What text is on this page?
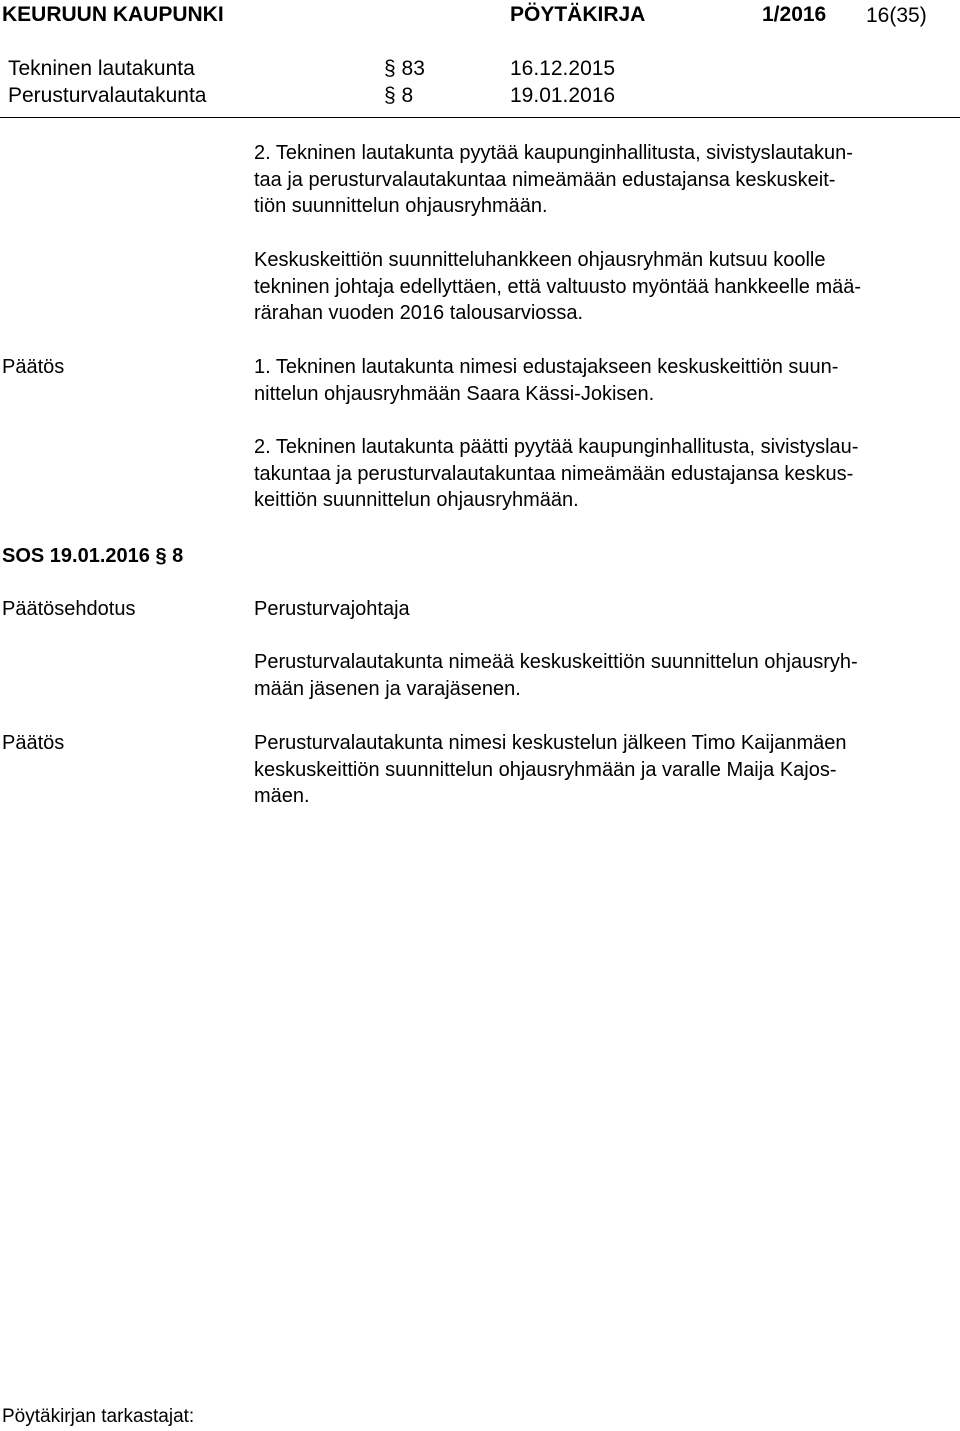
KEURUUN KAUPUNKI	PÖYTÄKIRJA	1/2016 16(35)
Tekninen lautakunta	§ 83	16.12.2015
Perusturvalautakunta	§ 8	19.01.2016

2. Tekninen lautakunta pyytää kaupunginhallitusta, sivistyslautakun-

taa ja perusturvalautakuntaa nimeämään edustajansa keskuskeit-

tiön suunnittelun ohjausryhmään.

Keskuskeittiön suunnitteluhankkeen ohjausryhmän kutsuu koolle

tekninen johtaja edellyttäen, että valtuusto myöntää hankkeelle mää-

rärahan vuoden 2016 talousarviossa.

Päätös	1. Tekninen lautakunta nimesi edustajakseen keskuskeittiön suun-

nittelun ohjausryhmään Saara Kässi-Jokisen.

2. Tekninen lautakunta päätti pyytää kaupunginhallitusta, sivistyslau-

takuntaa ja perusturvalautakuntaa nimeämään edustajansa keskus-

keittiön suunnittelun ohjausryhmään.

SOS 19.01.2016 § 8
Päätösehdotus	Perusturvajohtaja

Perusturvalautakunta nimeää keskuskeittiön suunnittelun ohjausryh-

mään jäsenen ja varajäsenen.

Päätös	Perusturvalautakunta nimesi keskustelun jälkeen Timo Kaijanmäen

keskuskeittiön suunnittelun ohjausryhmään ja varalle Maija Kajos-

mäen.

Pöytäkirjan tarkastajat:
